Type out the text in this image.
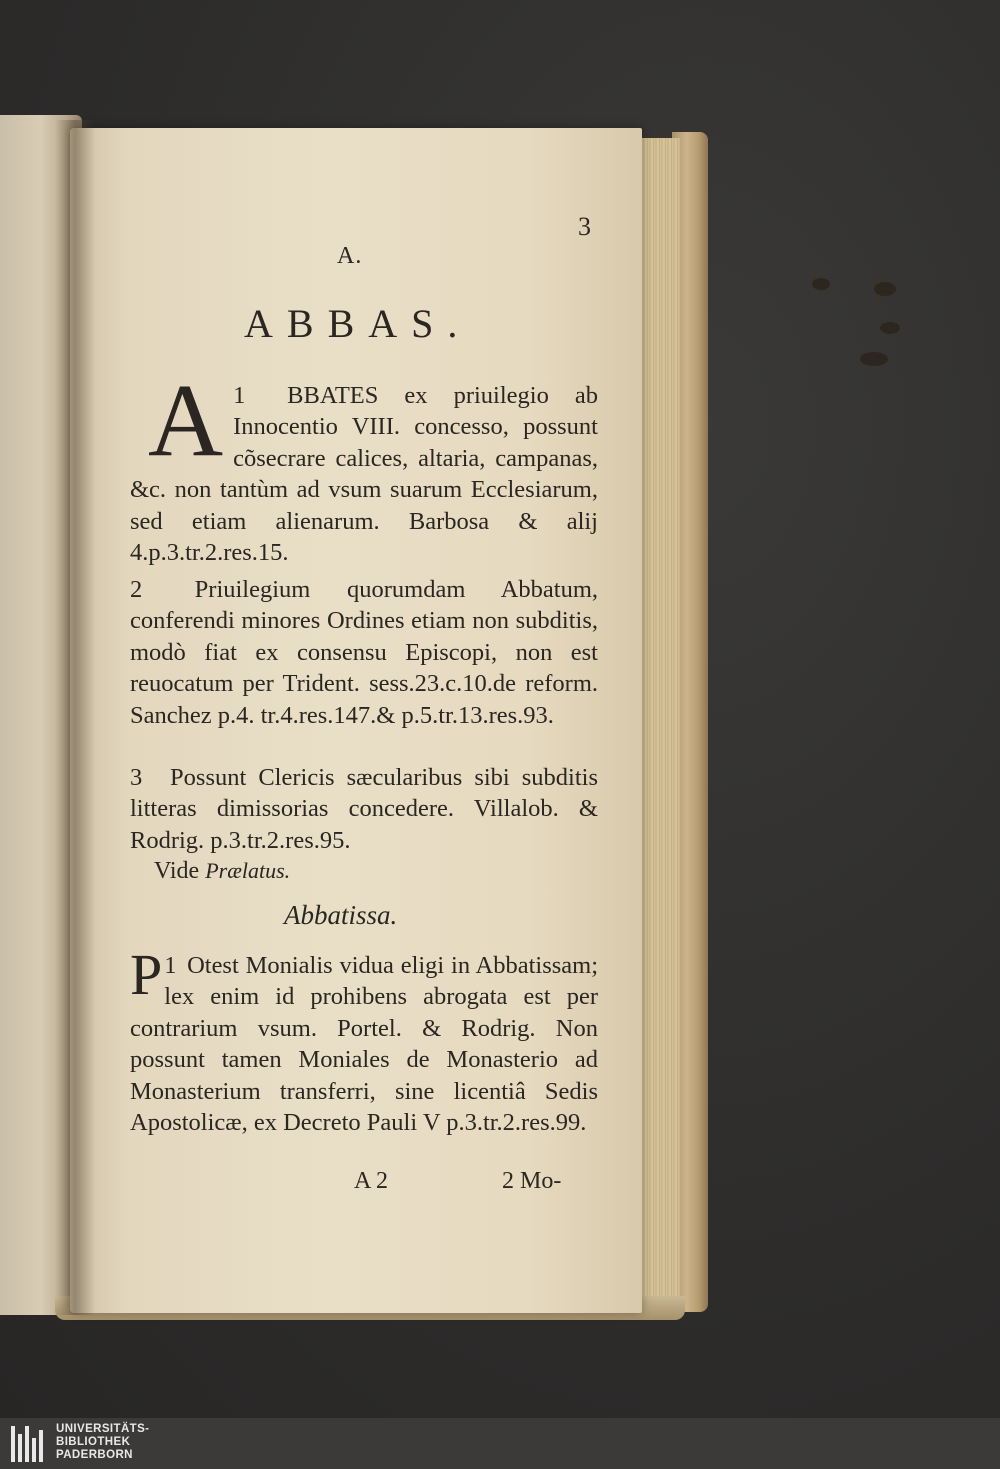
3
A.
ABBAS.
1
A	BBATES ex priuilegio ab Innocentio VIII. concesso, possunt cõsecrare calices, altaria, campanas, &c. non tantùm ad vsum suarum Ecclesiarum, sed etiam alienarum. Barbosa & alij 4.p.3.tr.2.res.15.
2 Priuilegium quorumdam Abbatum, conferendi minores Ordines etiam non subditis, modò fiat ex consensu Episcopi, non est reuocatum per Trident. sess.23.c.10.de reform. Sanchez p.4. tr.4.res.147.& p.5.tr.13.res.93.
3 Possunt Clericis sæcularibus sibi subditis litteras dimissorias concedere. Villalob. & Rodrig. p.3.tr.2.res.95.
Vide Prælatus.
Abbatissa.
1
P Otest Monialis vidua eligi in Abbatissam; lex enim id prohibens abrogata est per contrarium vsum. Portel. & Rodrig. Non possunt tamen Moniales de Monasterio ad Monasterium transferri, sine licentiâ Sedis Apostolicæ, ex Decreto Pauli V p.3.tr.2.res.99.
A 2	2 Mo-
UNIVERSITÄTS-
BIBLIOTHEK
PADERBORN
